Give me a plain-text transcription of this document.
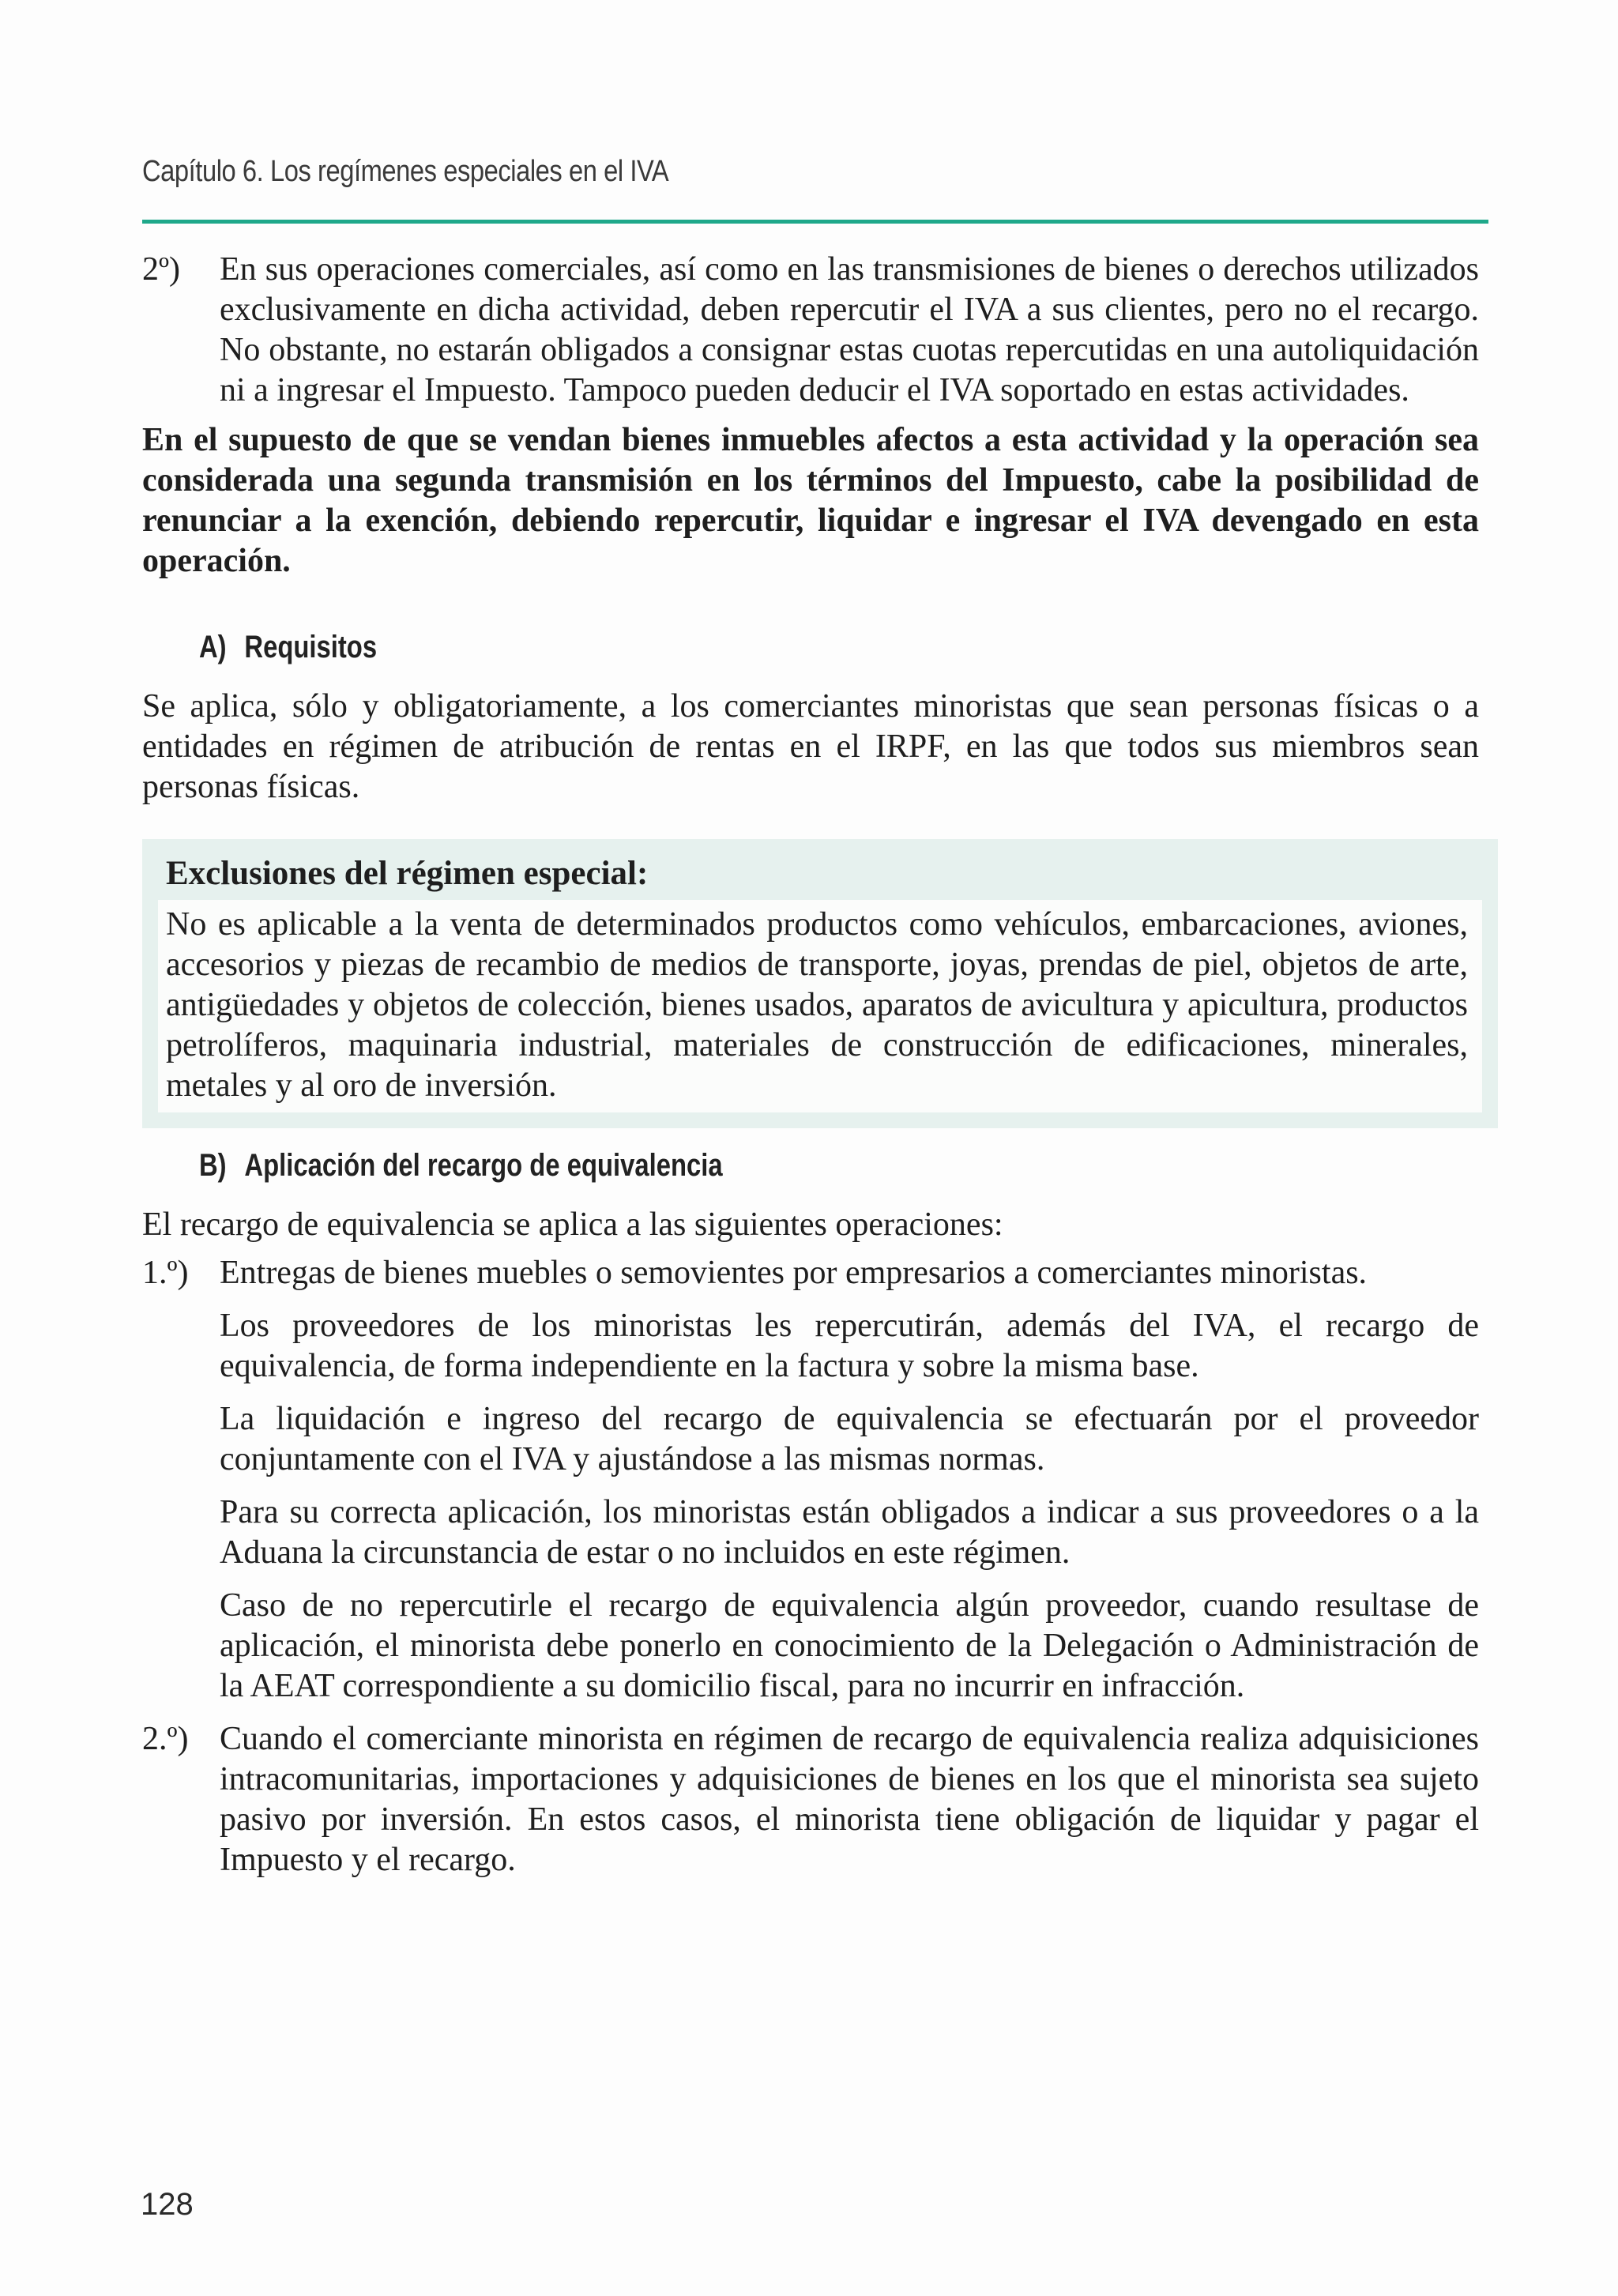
Capítulo 6. Los regímenes especiales en el IVA
2º)	En sus operaciones comerciales, así como en las transmisiones de bienes o derechos utilizados exclusivamente en dicha actividad, deben repercutir el IVA a sus clientes, pero no el recargo. No obstante, no estarán obligados a consignar estas cuotas repercutidas en una autoliquidación ni a ingresar el Impuesto. Tampoco pueden deducir el IVA soportado en estas actividades.

En el supuesto de que se vendan bienes inmuebles afectos a esta actividad y la operación sea considerada una segunda transmisión en los términos del Impuesto, cabe la posibilidad de renunciar a la exención, debiendo repercutir, liquidar e ingresar el IVA devengado en esta operación.

A) Requisitos

Se aplica, sólo y obligatoriamente, a los comerciantes minoristas que sean personas físicas o a entidades en régimen de atribución de rentas en el IRPF, en las que todos sus miembros sean personas físicas.

Exclusiones del régimen especial:
No es aplicable a la venta de determinados productos como vehículos, embarcaciones, aviones, accesorios y piezas de recambio de medios de transporte, joyas, prendas de piel, objetos de arte, antigüedades y objetos de colección, bienes usados, aparatos de avicultura y apicultura, productos petrolíferos, maquinaria industrial, materiales de construcción de edificaciones, minerales, metales y al oro de inversión.
B) Aplicación del recargo de equivalencia

El recargo de equivalencia se aplica a las siguientes operaciones:

1.º) Entregas de bienes muebles o semovientes por empresarios a comerciantes minoristas.

Los proveedores de los minoristas les repercutirán, además del IVA, el recargo de equivalencia, de forma independiente en la factura y sobre la misma base.

La liquidación e ingreso del recargo de equivalencia se efectuarán por el proveedor conjuntamente con el IVA y ajustándose a las mismas normas.

Para su correcta aplicación, los minoristas están obligados a indicar a sus proveedores o a la Aduana la circunstancia de estar o no incluidos en este régimen.

Caso de no repercutirle el recargo de equivalencia algún proveedor, cuando resultase de aplicación, el minorista debe ponerlo en conocimiento de la Delegación o Administración de la AEAT correspondiente a su domicilio fiscal, para no incurrir en infracción.

2.º) Cuando el comerciante minorista en régimen de recargo de equivalencia realiza adquisiciones intracomunitarias, importaciones y adquisiciones de bienes en los que el minorista sea sujeto pasivo por inversión. En estos casos, el minorista tiene obligación de liquidar y pagar el Impuesto y el recargo.

128
